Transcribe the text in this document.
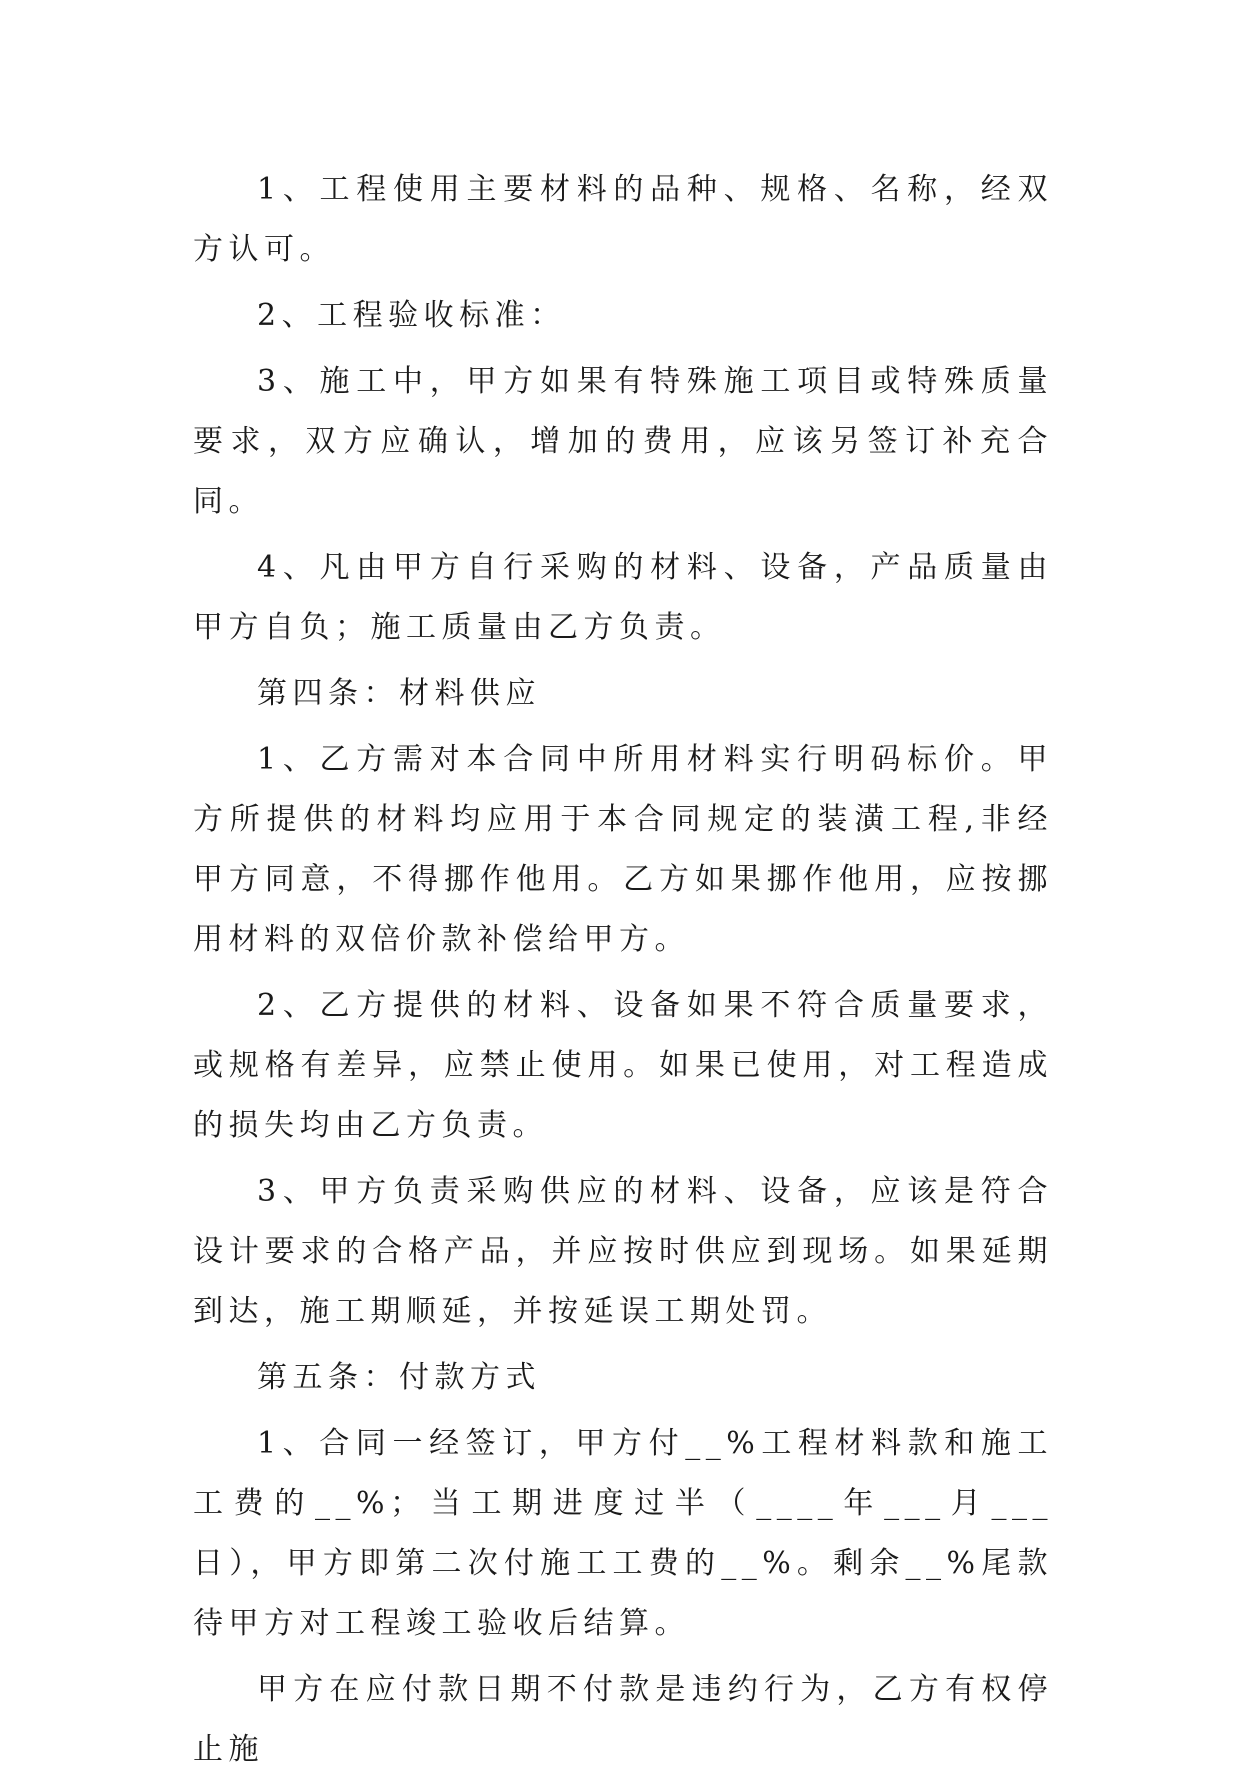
1、工程使用主要材料的品种、规格、名称，经双方认可。

2、工程验收标准：

3、施工中，甲方如果有特殊施工项目或特殊质量要求，双方应确认，增加的费用，应该另签订补充合同。

4、凡由甲方自行采购的材料、设备，产品质量由甲方自负；施工质量由乙方负责。

第四条：材料供应

1、乙方需对本合同中所用材料实行明码标价。甲方所提供的材料均应用于本合同规定的装潢工程,非经甲方同意，不得挪作他用。乙方如果挪作他用，应按挪用材料的双倍价款补偿给甲方。

2、乙方提供的材料、设备如果不符合质量要求，或规格有差异，应禁止使用。如果已使用，对工程造成的损失均由乙方负责。

3、甲方负责采购供应的材料、设备，应该是符合设计要求的合格产品，并应按时供应到现场。如果延期到达，施工期顺延，并按延误工期处罚。

第五条：付款方式

1、合同一经签订，甲方付__%工程材料款和施工工费的__%；当工期进度过半（____年___月___日），甲方即第二次付施工工费的__%。剩余__%尾款待甲方对工程竣工验收后结算。

甲方在应付款日期不付款是违约行为，乙方有权停止施
